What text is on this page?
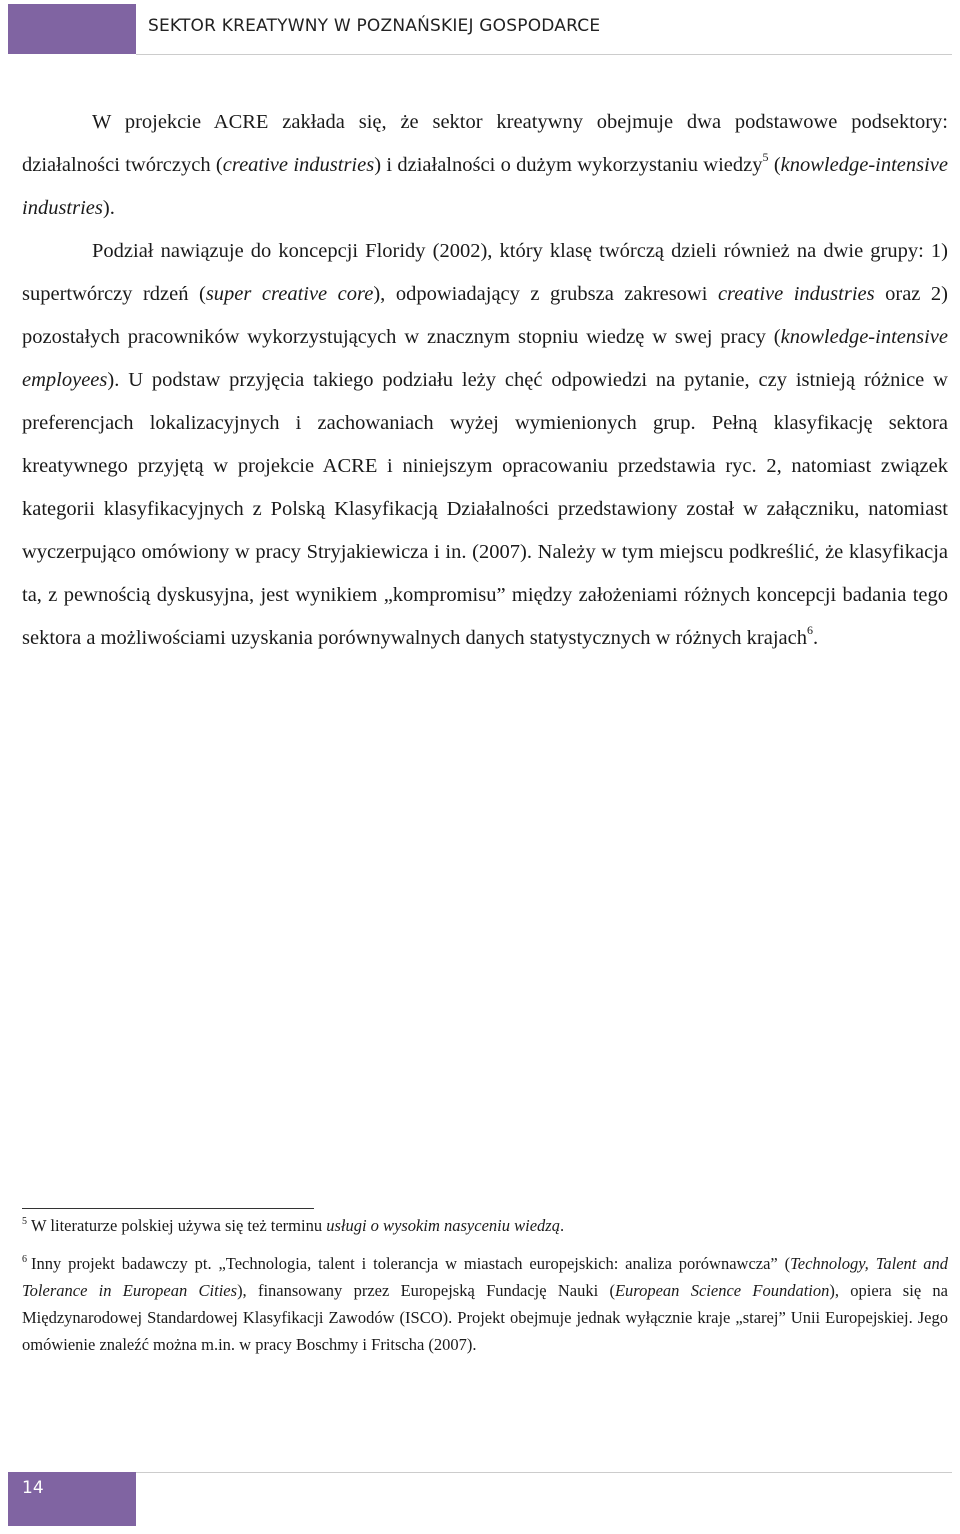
SEKTOR KREATYWNY W POZNAŃSKIEJ GOSPODARCE

W projekcie ACRE zakłada się, że sektor kreatywny obejmuje dwa podstawowe podsektory: działalności twórczych (creative industries) i działalności o dużym wykorzystaniu wiedzy$^5$ (knowledge-intensive industries).

Podział nawiązuje do koncepcji Floridy (2002), który klasę twórczą dzieli również na dwie grupy: 1) supertwórczy rdzeń (super creative core), odpowiadający z grubsza zakresowi creative industries oraz 2) pozostałych pracowników wykorzystujących w znacznym stopniu wiedzę w swej pracy (knowledge-intensive employees). U podstaw przyjęcia takiego podziału leży chęć odpowiedzi na pytanie, czy istnieją różnice w preferencjach lokalizacyjnych i zachowaniach wyżej wymienionych grup. Pełną klasyfikację sektora kreatywnego przyjętą w projekcie ACRE i niniejszym opracowaniu przedstawia ryc. 2, natomiast związek kategorii klasyfikacyjnych z Polską Klasyfikacją Działalności przedstawiony został w załączniku, natomiast wyczerpująco omówiony w pracy Stryjakiewicza i in. (2007). Należy w tym miejscu podkreślić, że klasyfikacja ta, z pewnością dyskusyjna, jest wynikiem „kompromisu” między założeniami różnych koncepcji badania tego sektora a możliwościami uzyskania porównywalnych danych statystycznych w różnych krajach$^6$.

$^5$ W literaturze polskiej używa się też terminu usługi o wysokim nasyceniu wiedzą.

$^6$ Inny projekt badawczy pt. „Technologia, talent i tolerancja w miastach europejskich: analiza porównawcza” (Technology, Talent and Tolerance in European Cities), finansowany przez Europejską Fundację Nauki (European Science Foundation), opiera się na Międzynarodowej Standardowej Klasyfikacji Zawodów (ISCO). Projekt obejmuje jednak wyłącznie kraje „starej” Unii Europejskiej. Jego omówienie znaleźć można m.in. w pracy Boschmy i Fritscha (2007).

14
